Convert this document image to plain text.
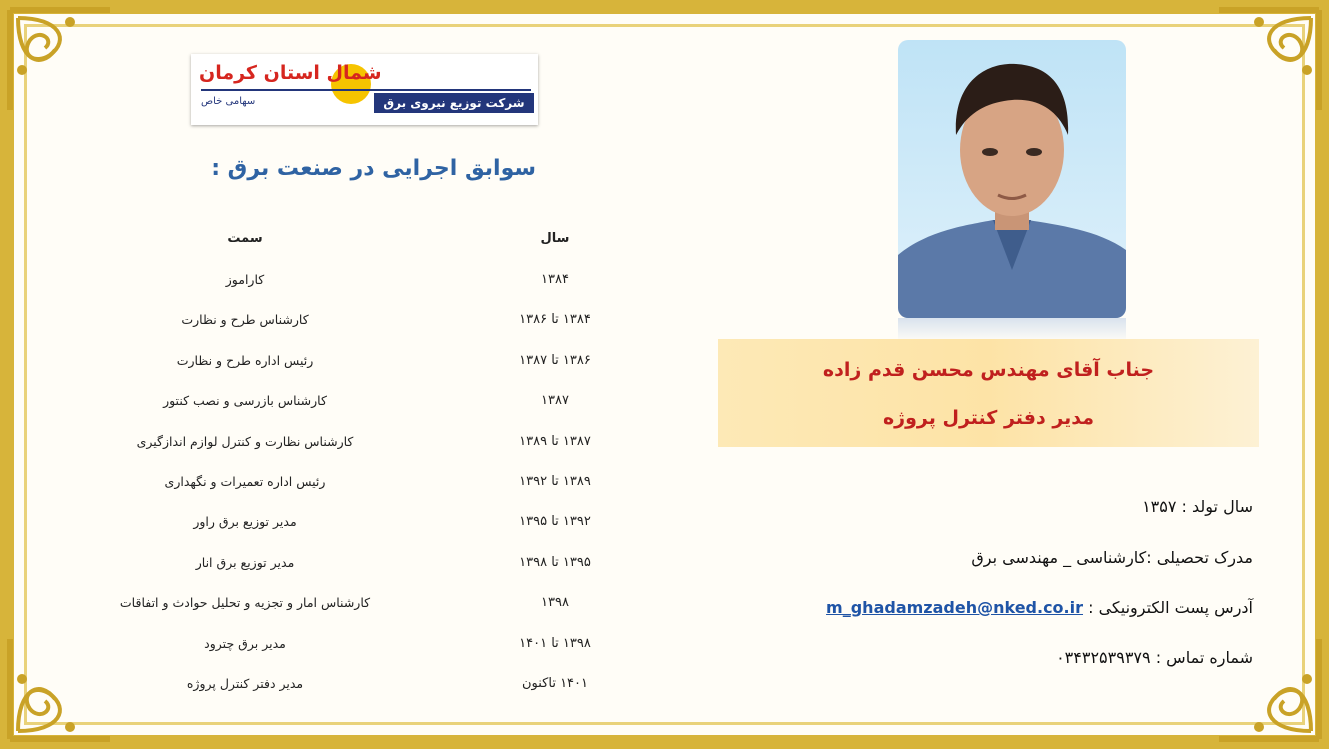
شمال استان کرمان
شرکت توزیع نیروی برق
سهامی خاص
سوابق اجرایی در صنعت برق :
سال
سمت
۱۳۸۴
کاراموز
۱۳۸۴ تا ۱۳۸۶
کارشناس طرح و نظارت
۱۳۸۶ تا ۱۳۸۷
رئیس اداره طرح و نظارت
۱۳۸۷
کارشناس بازرسی و نصب کنتور
۱۳۸۷ تا ۱۳۸۹
کارشناس نظارت و کنترل لوازم اندازگیری
۱۳۸۹ تا ۱۳۹۲
رئیس اداره تعمیرات و نگهداری
۱۳۹۲ تا ۱۳۹۵
مدیر توزیع برق راور
۱۳۹۵ تا ۱۳۹۸
مدیر توزیع برق انار
۱۳۹۸
کارشناس امار و تجزیه و تحلیل حوادث و اتفاقات
۱۳۹۸ تا ۱۴۰۱
مدیر برق چترود
۱۴۰۱ تاکنون
مدیر دفتر کنترل پروژه
جناب آقای مهندس محسن قدم زاده
مدیر دفتر کنترل پروژه
سال تولد : ۱۳۵۷
مدرک تحصیلی :کارشناسی _ مهندسی برق
آدرس پست الکترونیکی : m_ghadamzadeh@nked.co.ir
شماره تماس : ۰۳۴۳۲۵۳۹۳۷۹
